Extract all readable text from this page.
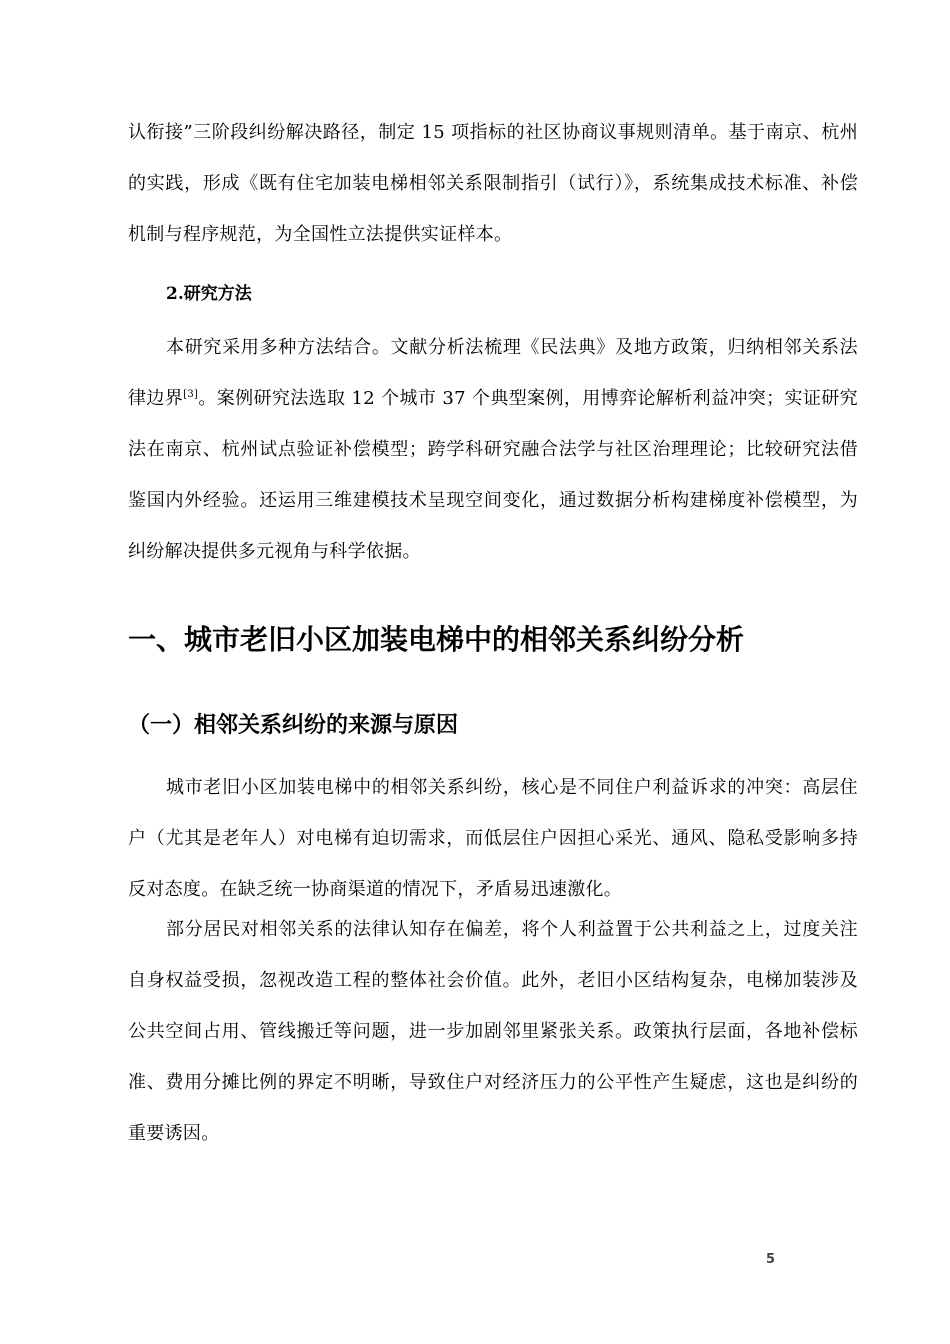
认衔接”三阶段纠纷解决路径，制定 15 项指标的社区协商议事规则清单。基于南京、杭州的实践，形成《既有住宅加装电梯相邻关系限制指引（试行）》，系统集成技术标准、补偿机制与程序规范，为全国性立法提供实证样本。

2.研究方法

本研究采用多种方法结合。文献分析法梳理《民法典》及地方政策，归纳相邻关系法律边界[3]。案例研究法选取 12 个城市 37 个典型案例，用博弈论解析利益冲突；实证研究法在南京、杭州试点验证补偿模型；跨学科研究融合法学与社区治理理论；比较研究法借鉴国内外经验。还运用三维建模技术呈现空间变化，通过数据分析构建梯度补偿模型，为纠纷解决提供多元视角与科学依据。

一、城市老旧小区加装电梯中的相邻关系纠纷分析
（一）相邻关系纠纷的来源与原因

城市老旧小区加装电梯中的相邻关系纠纷，核心是不同住户利益诉求的冲突：高层住户（尤其是老年人）对电梯有迫切需求，而低层住户因担心采光、通风、隐私受影响多持反对态度。在缺乏统一协商渠道的情况下，矛盾易迅速激化。

部分居民对相邻关系的法律认知存在偏差，将个人利益置于公共利益之上，过度关注自身权益受损，忽视改造工程的整体社会价值。此外，老旧小区结构复杂，电梯加装涉及公共空间占用、管线搬迁等问题，进一步加剧邻里紧张关系。政策执行层面，各地补偿标准、费用分摊比例的界定不明晰，导致住户对经济压力的公平性产生疑虑，这也是纠纷的重要诱因。

5
